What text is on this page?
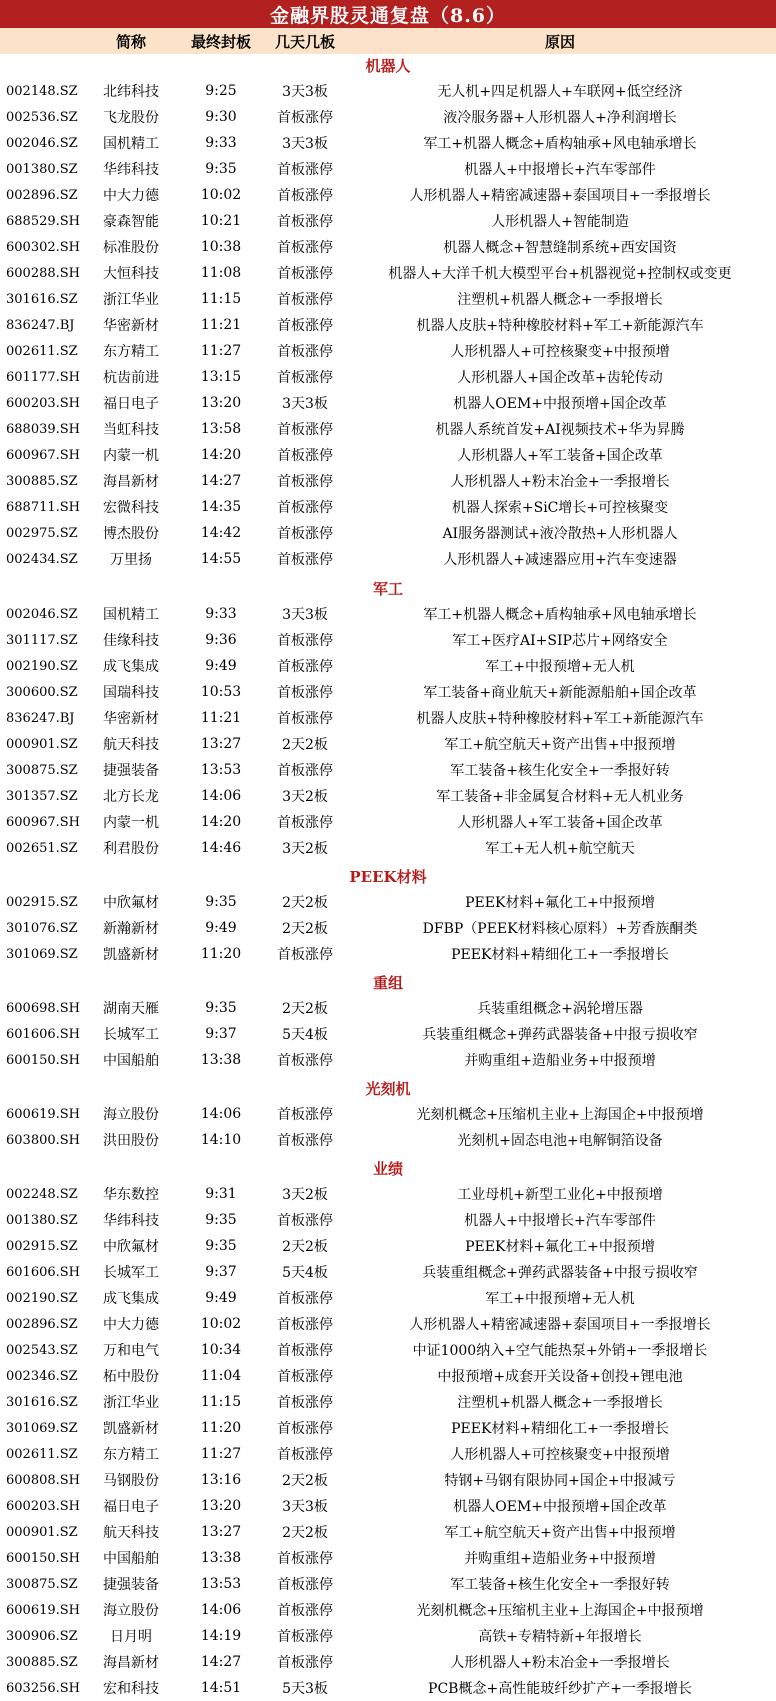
金融界股灵通复盘（8.6）
简称	最终封板	几天几板	原因
机器人
002148.SZ	北纬科技	9:25	3天3板	无人机+四足机器人+车联网+低空经济
002536.SZ	飞龙股份	9:30	首板涨停	液冷服务器+人形机器人+净利润增长
002046.SZ	国机精工	9:33	3天3板	军工+机器人概念+盾构轴承+风电轴承增长
001380.SZ	华纬科技	9:35	首板涨停	机器人+中报增长+汽车零部件
002896.SZ	中大力德	10:02	首板涨停	人形机器人+精密减速器+泰国项目+一季报增长
688529.SH	豪森智能	10:21	首板涨停	人形机器人+智能制造
600302.SH	标准股份	10:38	首板涨停	机器人概念+智慧缝制系统+西安国资
600288.SH	大恒科技	11:08	首板涨停	机器人+大洋千机大模型平台+机器视觉+控制权或变更
301616.SZ	浙江华业	11:15	首板涨停	注塑机+机器人概念+一季报增长
836247.BJ	华密新材	11:21	首板涨停	机器人皮肤+特种橡胶材料+军工+新能源汽车
002611.SZ	东方精工	11:27	首板涨停	人形机器人+可控核聚变+中报预增
601177.SH	杭齿前进	13:15	首板涨停	人形机器人+国企改革+齿轮传动
600203.SH	福日电子	13:20	3天3板	机器人OEM+中报预增+国企改革
688039.SH	当虹科技	13:58	首板涨停	机器人系统首发+AI视频技术+华为昇腾
600967.SH	内蒙一机	14:20	首板涨停	人形机器人+军工装备+国企改革
300885.SZ	海昌新材	14:27	首板涨停	人形机器人+粉末冶金+一季报增长
688711.SH	宏微科技	14:35	首板涨停	机器人探索+SiC增长+可控核聚变
002975.SZ	博杰股份	14:42	首板涨停	AI服务器测试+液冷散热+人形机器人
002434.SZ	万里扬	14:55	首板涨停	人形机器人+减速器应用+汽车变速器
军工
002046.SZ	国机精工	9:33	3天3板	军工+机器人概念+盾构轴承+风电轴承增长
301117.SZ	佳缘科技	9:36	首板涨停	军工+医疗AI+SIP芯片+网络安全
002190.SZ	成飞集成	9:49	首板涨停	军工+中报预增+无人机
300600.SZ	国瑞科技	10:53	首板涨停	军工装备+商业航天+新能源船舶+国企改革
836247.BJ	华密新材	11:21	首板涨停	机器人皮肤+特种橡胶材料+军工+新能源汽车
000901.SZ	航天科技	13:27	2天2板	军工+航空航天+资产出售+中报预增
300875.SZ	捷强装备	13:53	首板涨停	军工装备+核生化安全+一季报好转
301357.SZ	北方长龙	14:06	3天2板	军工装备+非金属复合材料+无人机业务
600967.SH	内蒙一机	14:20	首板涨停	人形机器人+军工装备+国企改革
002651.SZ	利君股份	14:46	3天2板	军工+无人机+航空航天
PEEK材料
002915.SZ	中欣氟材	9:35	2天2板	PEEK材料+氟化工+中报预增
301076.SZ	新瀚新材	9:49	2天2板	DFBP（PEEK材料核心原料）+芳香族酮类
301069.SZ	凯盛新材	11:20	首板涨停	PEEK材料+精细化工+一季报增长
重组
600698.SH	湖南天雁	9:35	2天2板	兵装重组概念+涡轮增压器
601606.SH	长城军工	9:37	5天4板	兵装重组概念+弹药武器装备+中报亏损收窄
600150.SH	中国船舶	13:38	首板涨停	并购重组+造船业务+中报预增
光刻机
600619.SH	海立股份	14:06	首板涨停	光刻机概念+压缩机主业+上海国企+中报预增
603800.SH	洪田股份	14:10	首板涨停	光刻机+固态电池+电解铜箔设备
业绩
002248.SZ	华东数控	9:31	3天2板	工业母机+新型工业化+中报预增
001380.SZ	华纬科技	9:35	首板涨停	机器人+中报增长+汽车零部件
002915.SZ	中欣氟材	9:35	2天2板	PEEK材料+氟化工+中报预增
601606.SH	长城军工	9:37	5天4板	兵装重组概念+弹药武器装备+中报亏损收窄
002190.SZ	成飞集成	9:49	首板涨停	军工+中报预增+无人机
002896.SZ	中大力德	10:02	首板涨停	人形机器人+精密减速器+泰国项目+一季报增长
002543.SZ	万和电气	10:34	首板涨停	中证1000纳入+空气能热泵+外销+一季报增长
002346.SZ	柘中股份	11:04	首板涨停	中报预增+成套开关设备+创投+锂电池
301616.SZ	浙江华业	11:15	首板涨停	注塑机+机器人概念+一季报增长
301069.SZ	凯盛新材	11:20	首板涨停	PEEK材料+精细化工+一季报增长
002611.SZ	东方精工	11:27	首板涨停	人形机器人+可控核聚变+中报预增
600808.SH	马钢股份	13:16	2天2板	特钢+马钢有限协同+国企+中报减亏
600203.SH	福日电子	13:20	3天3板	机器人OEM+中报预增+国企改革
000901.SZ	航天科技	13:27	2天2板	军工+航空航天+资产出售+中报预增
600150.SH	中国船舶	13:38	首板涨停	并购重组+造船业务+中报预增
300875.SZ	捷强装备	13:53	首板涨停	军工装备+核生化安全+一季报好转
600619.SH	海立股份	14:06	首板涨停	光刻机概念+压缩机主业+上海国企+中报预增
300906.SZ	日月明	14:19	首板涨停	高铁+专精特新+年报增长
300885.SZ	海昌新材	14:27	首板涨停	人形机器人+粉末冶金+一季报增长
603256.SH	宏和科技	14:51	5天3板	PCB概念+高性能玻纤纱扩产+一季报增长
